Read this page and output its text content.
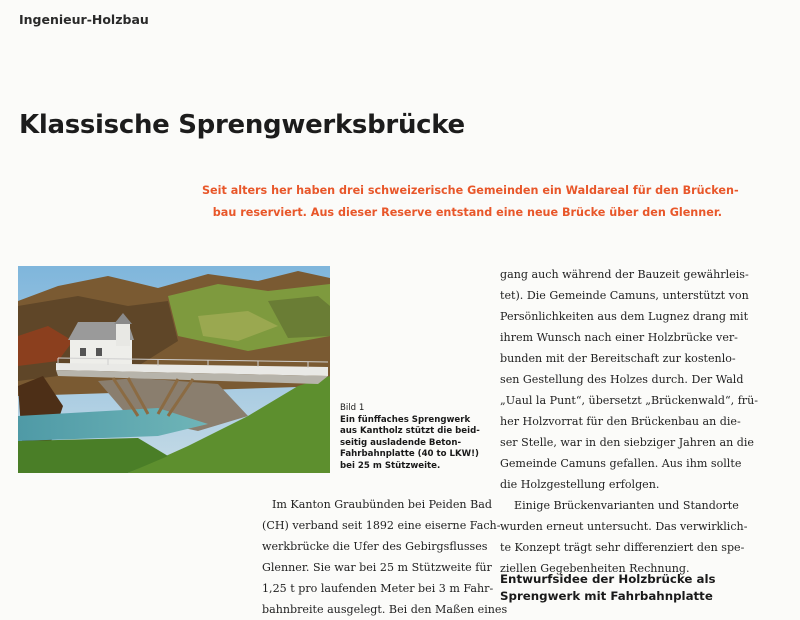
Ingenieur-Holzbau
Klassische Sprengwerksbrücke
Seit alters her haben drei schweizerische Gemeinden ein Waldareal für den Brücken-
bau reserviert. Aus dieser Reserve entstand eine neue Brücke über den Glenner.
Bild 1
Ein fünffaches Sprengwerk
aus Kantholz stützt die beid-
seitig ausladende Beton-
Fahrbahnplatte (40 to LKW!)
bei 25 m Stützweite.
gang auch während der Bauzeit gewährleis-
tet). Die Gemeinde Camuns, unterstützt von
Persönlichkeiten aus dem Lugnez drang mit
ihrem Wunsch nach einer Holzbrücke ver-
bunden mit der Bereitschaft zur kostenlo-
sen Gestellung des Holzes durch. Der Wald
„Uaul la Punt“, übersetzt „Brückenwald“, frü-
her Holzvorrat für den Brückenbau an die-
ser Stelle, war in den siebziger Jahren an die
Gemeinde Camuns gefallen. Aus ihm sollte
die Holzgestellung erfolgen.
Einige Brückenvarianten und Standorte
wurden erneut untersucht. Das verwirklich-
te Konzept trägt sehr differenziert den spe-
ziellen Gegebenheiten Rechnung.
Im Kanton Graubünden bei Peiden Bad
(CH) verband seit 1892 eine eiserne Fach-
werkbrücke die Ufer des Gebirgsflusses
Glenner. Sie war bei 25 m Stützweite für
1,25 t pro laufenden Meter bei 3 m Fahr-
bahnbreite ausgelegt. Bei den Maßen eines
Entwurfsidee der Holzbrücke als
Sprengwerk mit Fahrbahnplatte
